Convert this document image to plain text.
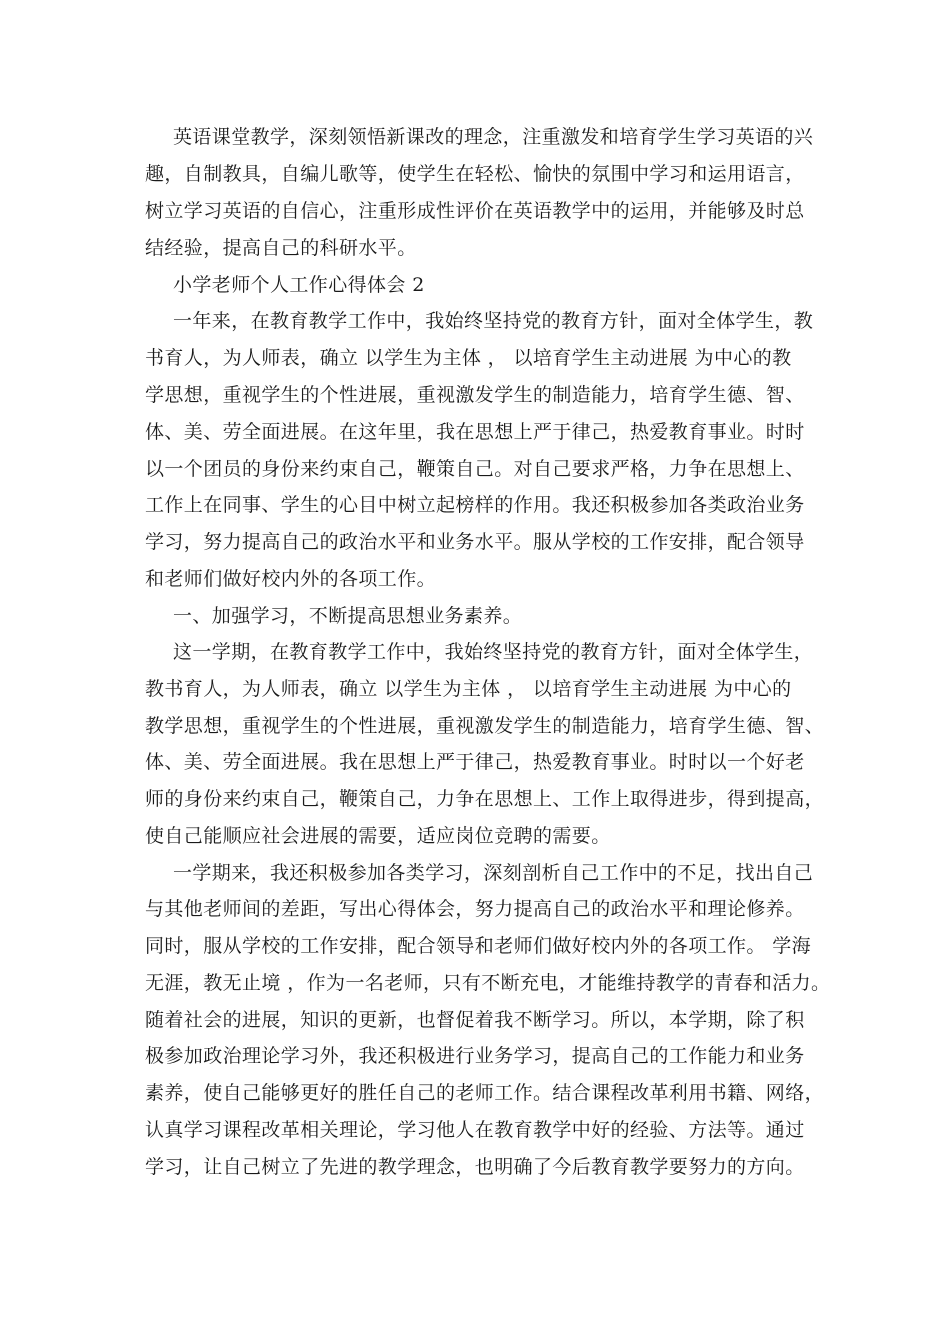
英语课堂教学，深刻领悟新课改的理念，注重激发和培育学生学习英语的兴

趣，自制教具，自编儿歌等，使学生在轻松、愉快的氛围中学习和运用语言，

树立学习英语的自信心，注重形成性评价在英语教学中的运用，并能够及时总

结经验，提高自己的科研水平。

小学老师个人工作心得体会 2

一年来，在教育教学工作中，我始终坚持党的教育方针，面对全体学生，教

书育人，为人师表，确立 以学生为主体 ， 以培育学生主动进展 为中心的教

学思想，重视学生的个性进展，重视激发学生的制造能力，培育学生德、智、

体、美、劳全面进展。在这年里，我在思想上严于律己，热爱教育事业。时时

以一个团员的身份来约束自己，鞭策自己。对自己要求严格，力争在思想上、

工作上在同事、学生的心目中树立起榜样的作用。我还积极参加各类政治业务

学习，努力提高自己的政治水平和业务水平。服从学校的工作安排，配合领导

和老师们做好校内外的各项工作。

一、加强学习，不断提高思想业务素养。

这一学期，在教育教学工作中，我始终坚持党的教育方针，面对全体学生，

教书育人，为人师表，确立 以学生为主体 ， 以培育学生主动进展 为中心的

教学思想，重视学生的个性进展，重视激发学生的制造能力，培育学生德、智、

体、美、劳全面进展。我在思想上严于律己，热爱教育事业。时时以一个好老

师的身份来约束自己，鞭策自己，力争在思想上、工作上取得进步，得到提高，

使自己能顺应社会进展的需要，适应岗位竞聘的需要。

一学期来，我还积极参加各类学习，深刻剖析自己工作中的不足，找出自己

与其他老师间的差距，写出心得体会，努力提高自己的政治水平和理论修养。

同时，服从学校的工作安排，配合领导和老师们做好校内外的各项工作。 学海

无涯，教无止境 ，作为一名老师，只有不断充电，才能维持教学的青春和活力。

随着社会的进展，知识的更新，也督促着我不断学习。所以，本学期，除了积

极参加政治理论学习外，我还积极进行业务学习，提高自己的工作能力和业务

素养，使自己能够更好的胜任自己的老师工作。结合课程改革利用书籍、网络，

认真学习课程改革相关理论，学习他人在教育教学中好的经验、方法等。通过

学习，让自己树立了先进的教学理念，也明确了今后教育教学要努力的方向。
